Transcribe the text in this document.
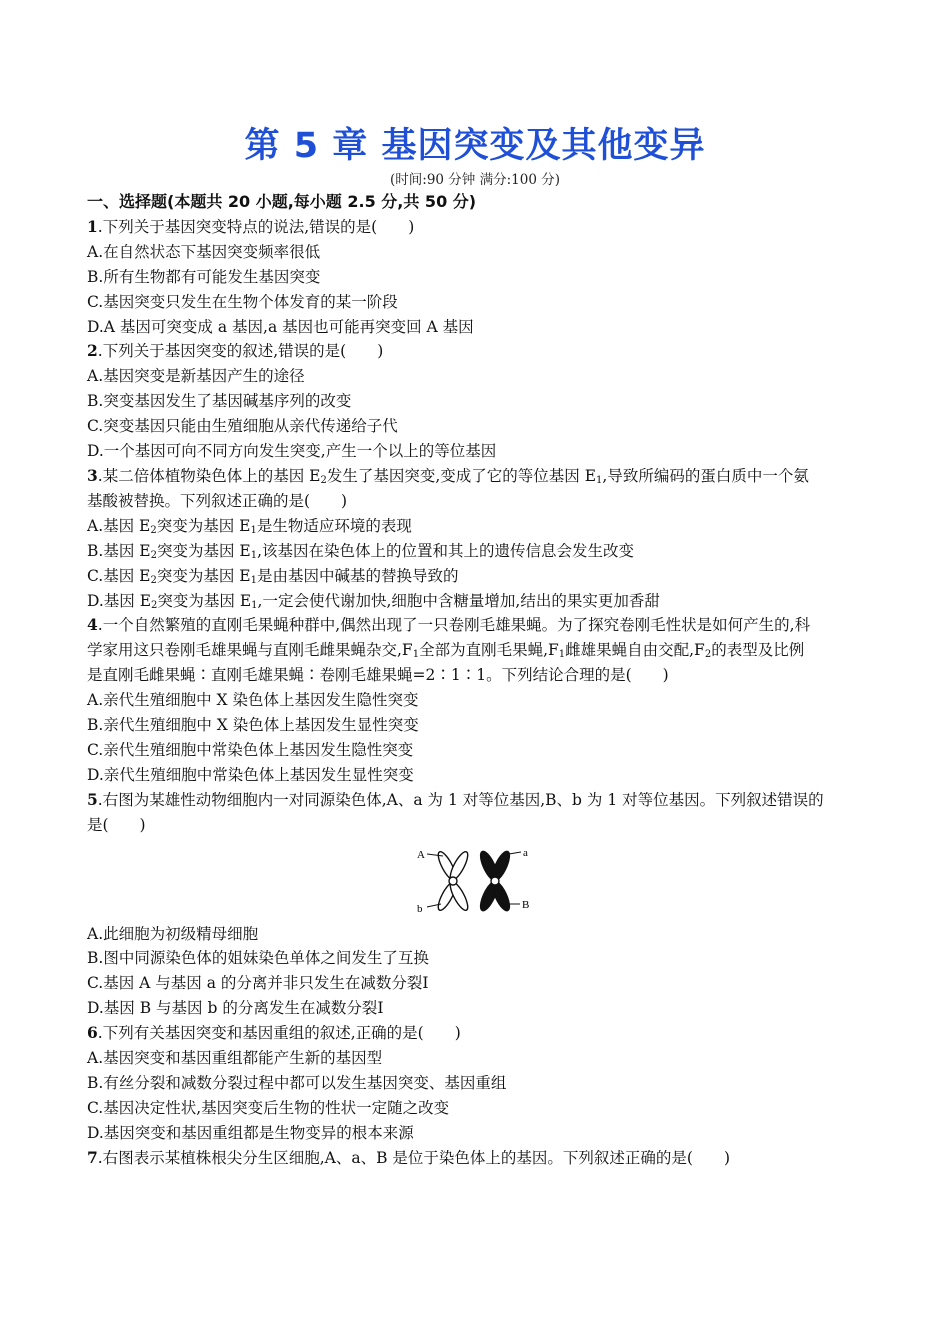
第 5 章 基因突变及其他变异
(时间:90 分钟 满分:100 分)
一、选择题(本题共 20 小题,每小题 2.5 分,共 50 分)
1.下列关于基因突变特点的说法,错误的是(　　)
A.在自然状态下基因突变频率很低
B.所有生物都有可能发生基因突变
C.基因突变只发生在生物个体发育的某一阶段
D.A 基因可突变成 a 基因,a 基因也可能再突变回 A 基因
2.下列关于基因突变的叙述,错误的是(　　)
A.基因突变是新基因产生的途径
B.突变基因发生了基因碱基序列的改变
C.突变基因只能由生殖细胞从亲代传递给子代
D.一个基因可向不同方向发生突变,产生一个以上的等位基因
3.某二倍体植物染色体上的基因 $E_2$发生了基因突变,变成了它的等位基因 $E_1$,导致所编码的蛋白质中一个氨
基酸被替换。下列叙述正确的是(　　)
A.基因 $E_2$突变为基因 $E_1$是生物适应环境的表现
B.基因 $E_2$突变为基因 $E_1$,该基因在染色体上的位置和其上的遗传信息会发生改变
C.基因 $E_2$突变为基因 $E_1$是由基因中碱基的替换导致的
D.基因 $E_2$突变为基因 $E_1$,一定会使代谢加快,细胞中含糖量增加,结出的果实更加香甜
4.一个自然繁殖的直刚毛果蝇种群中,偶然出现了一只卷刚毛雄果蝇。为了探究卷刚毛性状是如何产生的,科
学家用这只卷刚毛雄果蝇与直刚毛雌果蝇杂交$,F_1$全部为直刚毛果蝇$,F_1$雌雄果蝇自由交配$,F_2$的表型及比例
是直刚毛雌果蝇∶直刚毛雄果蝇∶卷刚毛雄果蝇=2∶1∶1。下列结论合理的是(　　)
A.亲代生殖细胞中 X 染色体上基因发生隐性突变
B.亲代生殖细胞中 X 染色体上基因发生显性突变
C.亲代生殖细胞中常染色体上基因发生隐性突变
D.亲代生殖细胞中常染色体上基因发生显性突变
5.右图为某雄性动物细胞内一对同源染色体,A、a 为 1 对等位基因,B、b 为 1 对等位基因。下列叙述错误的
是(　　)
A	a
b	B
A.此细胞为初级精母细胞
B.图中同源染色体的姐妹染色单体之间发生了互换
C.基因 A 与基因 a 的分离并非只发生在减数分裂Ⅰ
D.基因 B 与基因 b 的分离发生在减数分裂Ⅰ
6.下列有关基因突变和基因重组的叙述,正确的是(　　)
A.基因突变和基因重组都能产生新的基因型
B.有丝分裂和减数分裂过程中都可以发生基因突变、基因重组
C.基因决定性状,基因突变后生物的性状一定随之改变
D.基因突变和基因重组都是生物变异的根本来源
7.右图表示某植株根尖分生区细胞,A、a、B 是位于染色体上的基因。下列叙述正确的是(　　)
